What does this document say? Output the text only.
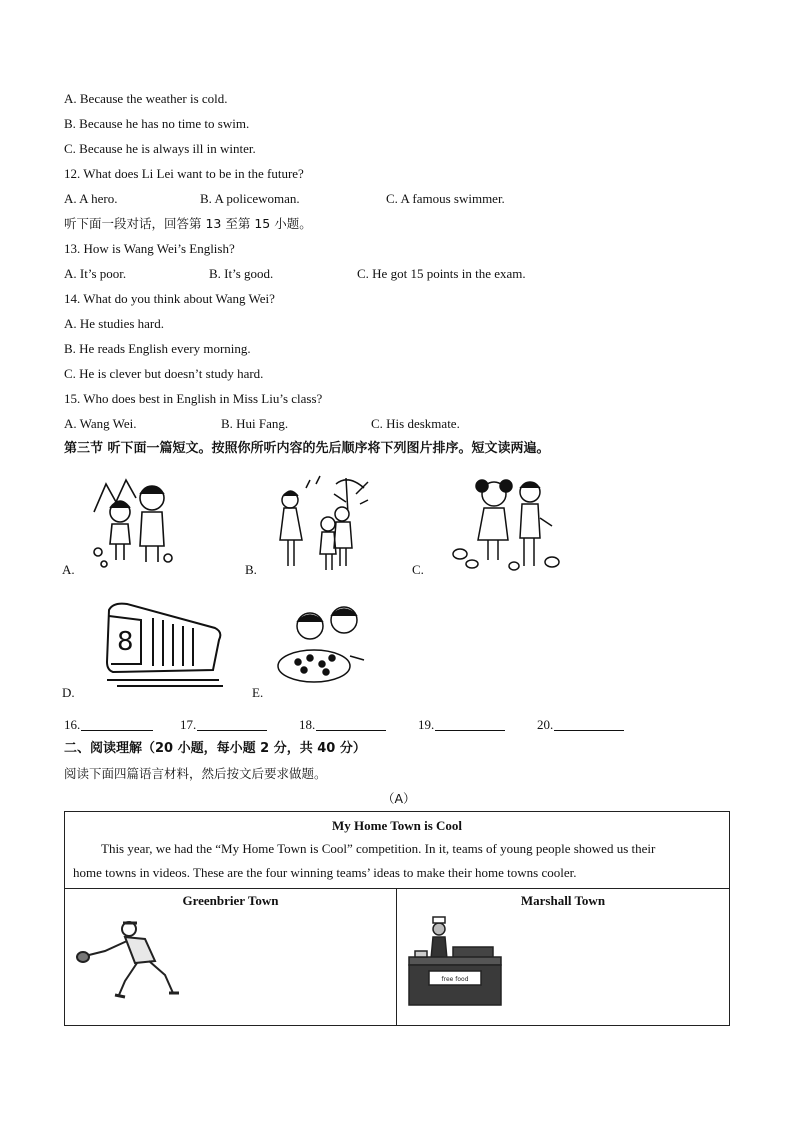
A. Because the weather is cold.
B. Because he has no time to swim.
C. Because he is always ill in winter.
12. What does Li Lei want to be in the future?
A. A hero.	B. A policewoman.	C. A famous swimmer.
听下面一段对话，回答第 13 至第 15 小题。
13. How is Wang Wei’s English?
A. It’s poor.	B. It’s good.	C. He got 15 points in the exam.
14. What do you think about Wang Wei?
A. He studies hard.
B. He reads English every morning.
C. He is clever but doesn’t study hard.
15. Who does best in English in Miss Liu’s class?
A. Wang Wei.	B. Hui Fang.	C. His deskmate.
第三节 听下面一篇短文。按照你所听内容的先后顺序将下列图片排序。短文读两遍。
A.	B.	C.
8
D.	E.
16.	17.	18.	19.	20.
二、阅读理解（20 小题，每小题 2 分，共 40 分）
阅读下面四篇语言材料，然后按文后要求做题。
（A）
My Home Town is Cool
This year, we had the “My Home Town is Cool” competition. In it, teams of young people showed us their
home towns in videos. These are the four winning teams’ ideas to make their home towns cooler.

Greenbrier Town	Marshall Town
free food
